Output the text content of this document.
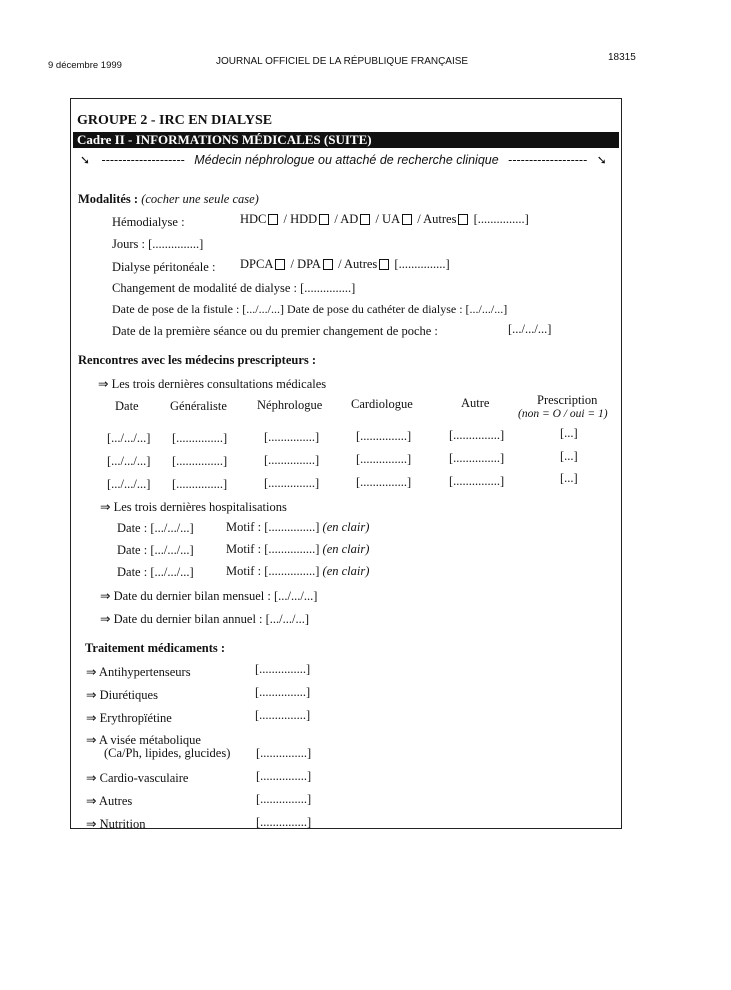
9 décembre 1999	JOURNAL OFFICIEL DE LA RÉPUBLIQUE FRANÇAISE	18315
GROUPE 2 - IRC EN DIALYSE
Cadre II - INFORMATIONS MÉDICALES (SUITE)
➘ -------------------- Médecin néphrologue ou attaché de recherche clinique ------------------- ➘
Modalités : (cocher une seule case)
Hémodialyse :	HDC / HDD / AD / UA / Autres [...............]
Jours : [...............]
Dialyse péritonéale : DPCA / DPA / Autres [...............]
Changement de modalité de dialyse : [...............]
Date de pose de la fistule : [.../.../...] Date de pose du cathéter de dialyse : [.../.../...]
Date de la première séance ou du premier changement de poche :	[.../.../...]
Rencontres avec les médecins prescripteurs :
⇒ Les trois dernières consultations médicales
Date	Généraliste Néphrologue Cardiologue	Autre	Prescription
(non = O / oui = 1)
[.../.../...] [...............]	[...............]	[...............]	[...............]	[...]
[.../.../...] [...............]	[...............]	[...............]	[...............]	[...]
[.../.../...] [...............]	[...............]	[...............]	[...............]	[...]
⇒ Les trois dernières hospitalisations
Date : [.../.../...]	Motif : [...............] (en clair)
Date : [.../.../...]	Motif : [...............] (en clair)
Date : [.../.../...]	Motif : [...............] (en clair)
⇒ Date du dernier bilan mensuel : [.../.../...]
⇒ Date du dernier bilan annuel : [.../.../...]
Traitement médicaments :
⇒ Antihypertenseurs	[...............]
⇒ Diurétiques	[...............]
⇒ Erythropïétine	[...............]
⇒ A visée métabolique
(Ca/Ph, lipides, glucides) [...............]
⇒ Cardio-vasculaire	[...............]
⇒ Autres	[...............]
⇒ Nutrition	[...............]
